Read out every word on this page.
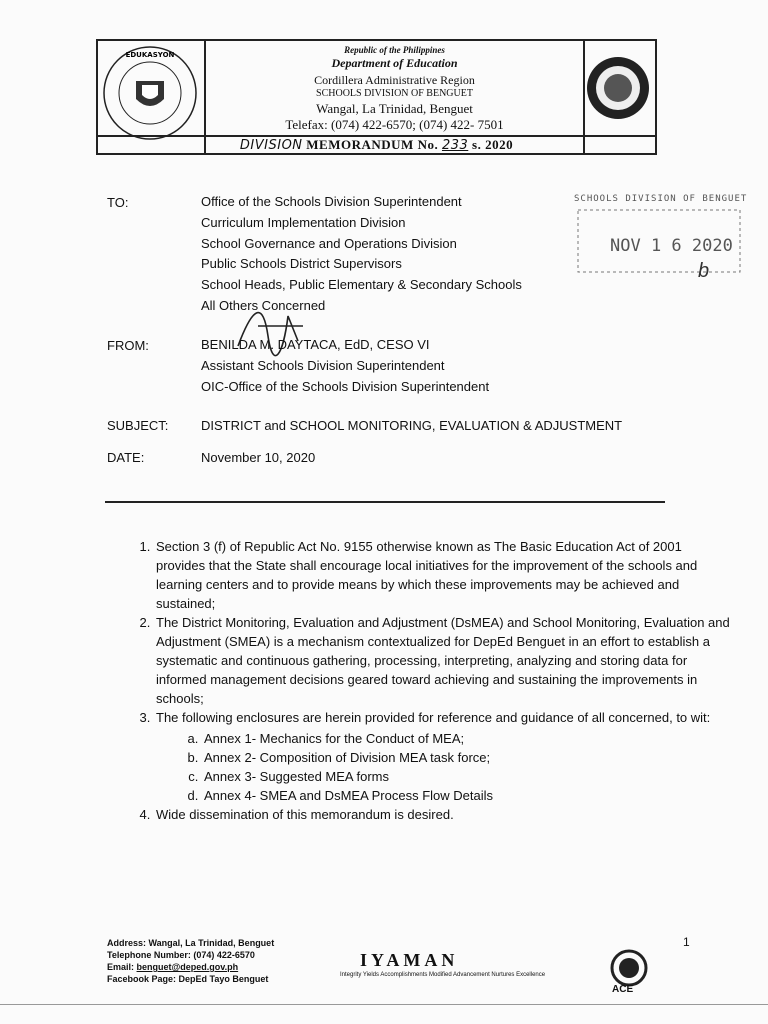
EDUKASYON	Republic of the Philippines
Department of Education
Cordillera Administrative Region
SCHOOLS DIVISION OF BENGUET
Wangal, La Trinidad, Benguet
Telefax: (074) 422-6570; (074) 422- 7501
DIVISION MEMORANDUM No. 233 s. 2020
SCHOOLS DIVISION OF BENGUET
NOV 1 6 2020
b
TO:	Office of the Schools Division Superintendent
Curriculum Implementation Division
School Governance and Operations Division
Public Schools District Supervisors
School Heads, Public Elementary & Secondary Schools
All Others Concerned
FROM:	BENILDA M. DAYTACA, EdD, CESO VI
Assistant Schools Division Superintendent
OIC-Office of the Schools Division Superintendent
SUBJECT:	DISTRICT and SCHOOL MONITORING, EVALUATION & ADJUSTMENT
DATE:	November 10, 2020
1. Section 3 (f) of Republic Act No. 9155 otherwise known as The Basic Education Act of 2001 provides that the State shall encourage local initiatives for the improvement of the schools and learning centers and to provide means by which these improvements may be achieved and sustained;
2. The District Monitoring, Evaluation and Adjustment (DsMEA) and School Monitoring, Evaluation and Adjustment (SMEA) is a mechanism contextualized for DepEd Benguet in an effort to establish a systematic and continuous gathering, processing, interpreting, analyzing and storing data for informed management decisions geared toward achieving and sustaining the improvements in schools;
3. The following enclosures are herein provided for reference and guidance of all concerned, to wit:
a. Annex 1- Mechanics for the Conduct of MEA;
b. Annex 2- Composition of Division MEA task force;
c. Annex 3- Suggested MEA forms
d. Annex 4- SMEA and DsMEA Process Flow Details
4. Wide dissemination of this memorandum is desired.
Address: Wangal, La Trinidad, Benguet
Telephone Number: (074) 422-6570
Email: benguet@deped.gov.ph
Facebook Page: DepEd Tayo Benguet
IYAMAN
Integrity Yields Accomplishments Modified Advancement Nurtures Excellence
1
ACE
